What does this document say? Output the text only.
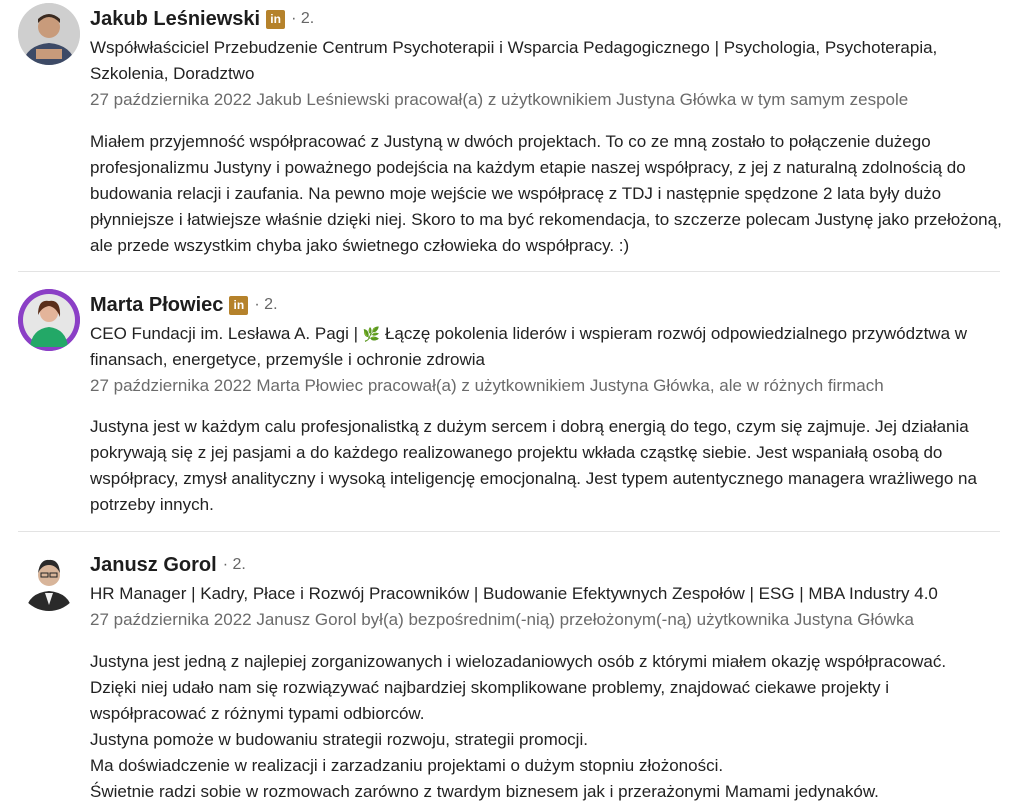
Jakub Leśniewski in · 2.
Współwłaściciel Przebudzenie Centrum Psychoterapii i Wsparcia Pedagogicznego | Psychologia, Psychoterapia, Szkolenia, Doradztwo
27 października 2022 Jakub Leśniewski pracował(a) z użytkownikiem Justyna Główka w tym samym zespole
Miałem przyjemność współpracować z Justyną w dwóch projektach. To co ze mną zostało to połączenie dużego profesjonalizmu Justyny i poważnego podejścia na każdym etapie naszej współpracy, z jej z naturalną zdolnością do budowania relacji i zaufania. Na pewno moje wejście we współpracę z TDJ i następnie spędzone 2 lata były dużo płynniejsze i łatwiejsze właśnie dzięki niej. Skoro to ma być rekomendacja, to szczerze polecam Justynę jako przełożoną, ale przede wszystkim chyba jako świetnego człowieka do współpracy. :)
Marta Płowiec in · 2.
CEO Fundacji im. Lesława A. Pagi | 🌿 Łączę pokolenia liderów i wspieram rozwój odpowiedzialnego przywództwa w finansach, energetyce, przemyśle i ochronie zdrowia
27 października 2022 Marta Płowiec pracował(a) z użytkownikiem Justyna Główka, ale w różnych firmach
Justyna jest w każdym calu profesjonalistką z dużym sercem i dobrą energią do tego, czym się zajmuje. Jej działania pokrywają się z jej pasjami a do każdego realizowanego projektu wkłada cząstkę siebie. Jest wspaniałą osobą do współpracy, zmysł analityczny i wysoką inteligencję emocjonalną. Jest typem autentycznego managera wrażliwego na potrzeby innych.
Janusz Gorol · 2.
HR Manager | Kadry, Płace i Rozwój Pracowników | Budowanie Efektywnych Zespołów | ESG | MBA Industry 4.0
27 października 2022 Janusz Gorol był(a) bezpośrednim(-nią) przełożonym(-ną) użytkownika Justyna Główka

Justyna jest jedną z najlepiej zorganizowanych i wielozadaniowych osób z którymi miałem okazję współpracować.

Dzięki niej udało nam się rozwiązywać najbardziej skomplikowane problemy, znajdować ciekawe projekty i współpracować z różnymi typami odbiorców.

Justyna pomoże w budowaniu strategii rozwoju, strategii promocji.

Ma doświadczenie w realizacji i zarzadzaniu projektami o dużym stopniu złożoności.

Świetnie radzi sobie w rozmowach zarówno z twardym biznesem jak i przerażonymi Mamami jedynaków.
